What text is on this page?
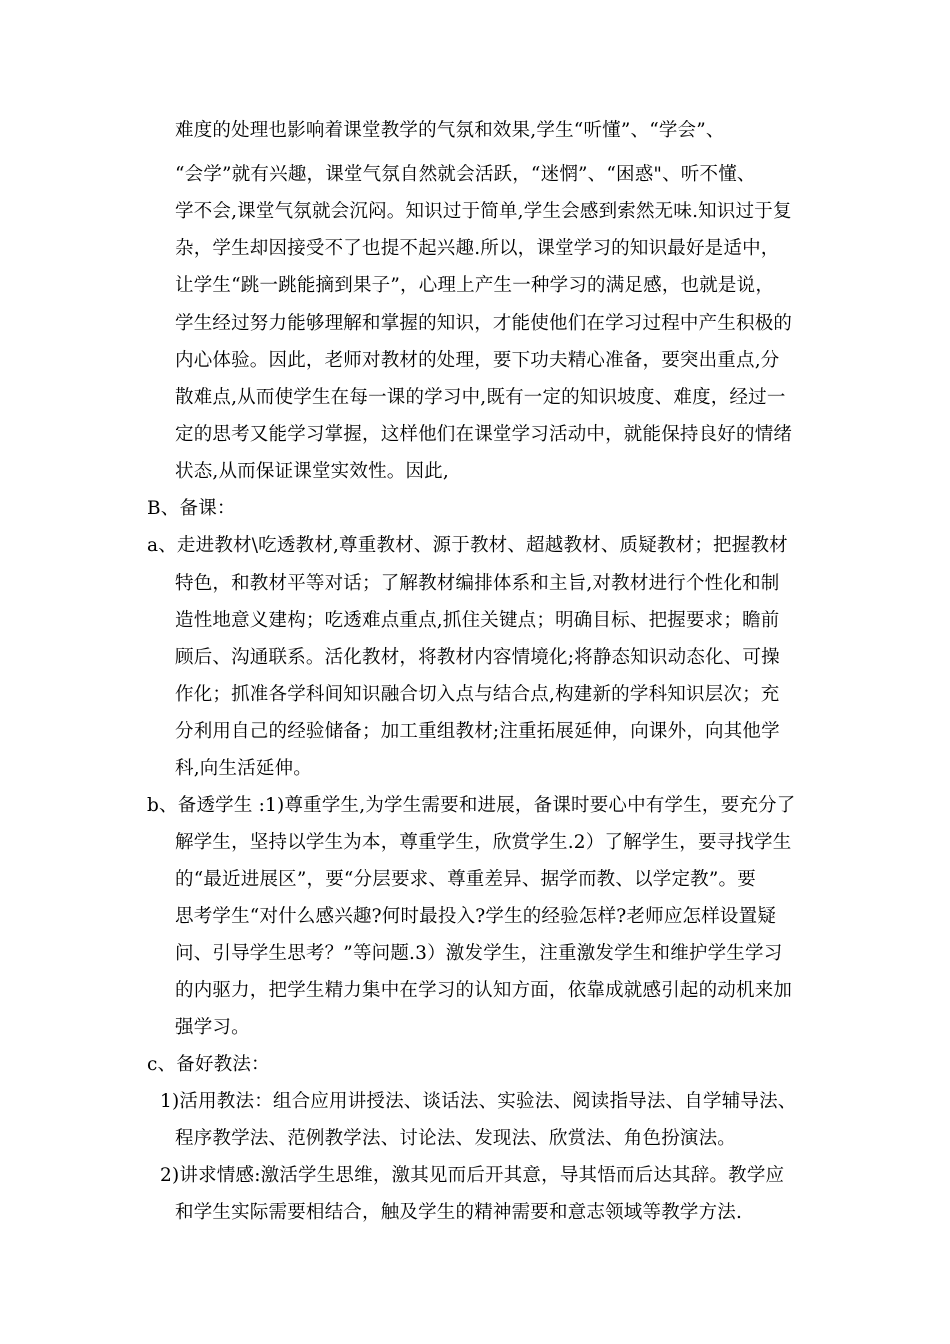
难度的处理也影响着课堂教学的气氛和效果,学生“听懂”、“学会”、
“会学”就有兴趣，课堂气氛自然就会活跃，“迷惘”、“困惑"、听不懂、
学不会,课堂气氛就会沉闷。知识过于简单,学生会感到索然无味.知识过于复
杂，学生却因接受不了也提不起兴趣.所以，课堂学习的知识最好是适中，
让学生“跳一跳能摘到果子”，心理上产生一种学习的满足感，也就是说，
学生经过努力能够理解和掌握的知识，才能使他们在学习过程中产生积极的
内心体验。因此，老师对教材的处理，要下功夫精心准备，要突出重点,分
散难点,从而使学生在每一课的学习中,既有一定的知识坡度、难度，经过一
定的思考又能学习掌握，这样他们在课堂学习活动中，就能保持良好的情绪
状态,从而保证课堂实效性。因此,
B、备课：
a、走进教材\吃透教材,尊重教材、源于教材、超越教材、质疑教材；把握教材
特色，和教材平等对话；了解教材编排体系和主旨,对教材进行个性化和制
造性地意义建构；吃透难点重点,抓住关键点；明确目标、把握要求；瞻前
顾后、沟通联系。活化教材，将教材内容情境化;将静态知识动态化、可操
作化；抓准各学科间知识融合切入点与结合点,构建新的学科知识层次；充
分利用自己的经验储备；加工重组教材;注重拓展延伸，向课外，向其他学
科,向生活延伸。
b、备透学生 :1)尊重学生,为学生需要和进展，备课时要心中有学生，要充分了
解学生，坚持以学生为本，尊重学生，欣赏学生.2）了解学生，要寻找学生
的“最近进展区”，要“分层要求、尊重差异、据学而教、以学定教”。要
思考学生“对什么感兴趣?何时最投入?学生的经验怎样?老师应怎样设置疑
问、引导学生思考？”等问题.3）激发学生，注重激发学生和维护学生学习
的内驱力，把学生精力集中在学习的认知方面，依靠成就感引起的动机来加
强学习。
c、备好教法：
1)活用教法：组合应用讲授法、谈话法、实验法、阅读指导法、自学辅导法、
程序教学法、范例教学法、讨论法、发现法、欣赏法、角色扮演法。
2)讲求情感:激活学生思维，激其见而后开其意，导其悟而后达其辞。教学应
和学生实际需要相结合，触及学生的精神需要和意志领域等教学方法.
